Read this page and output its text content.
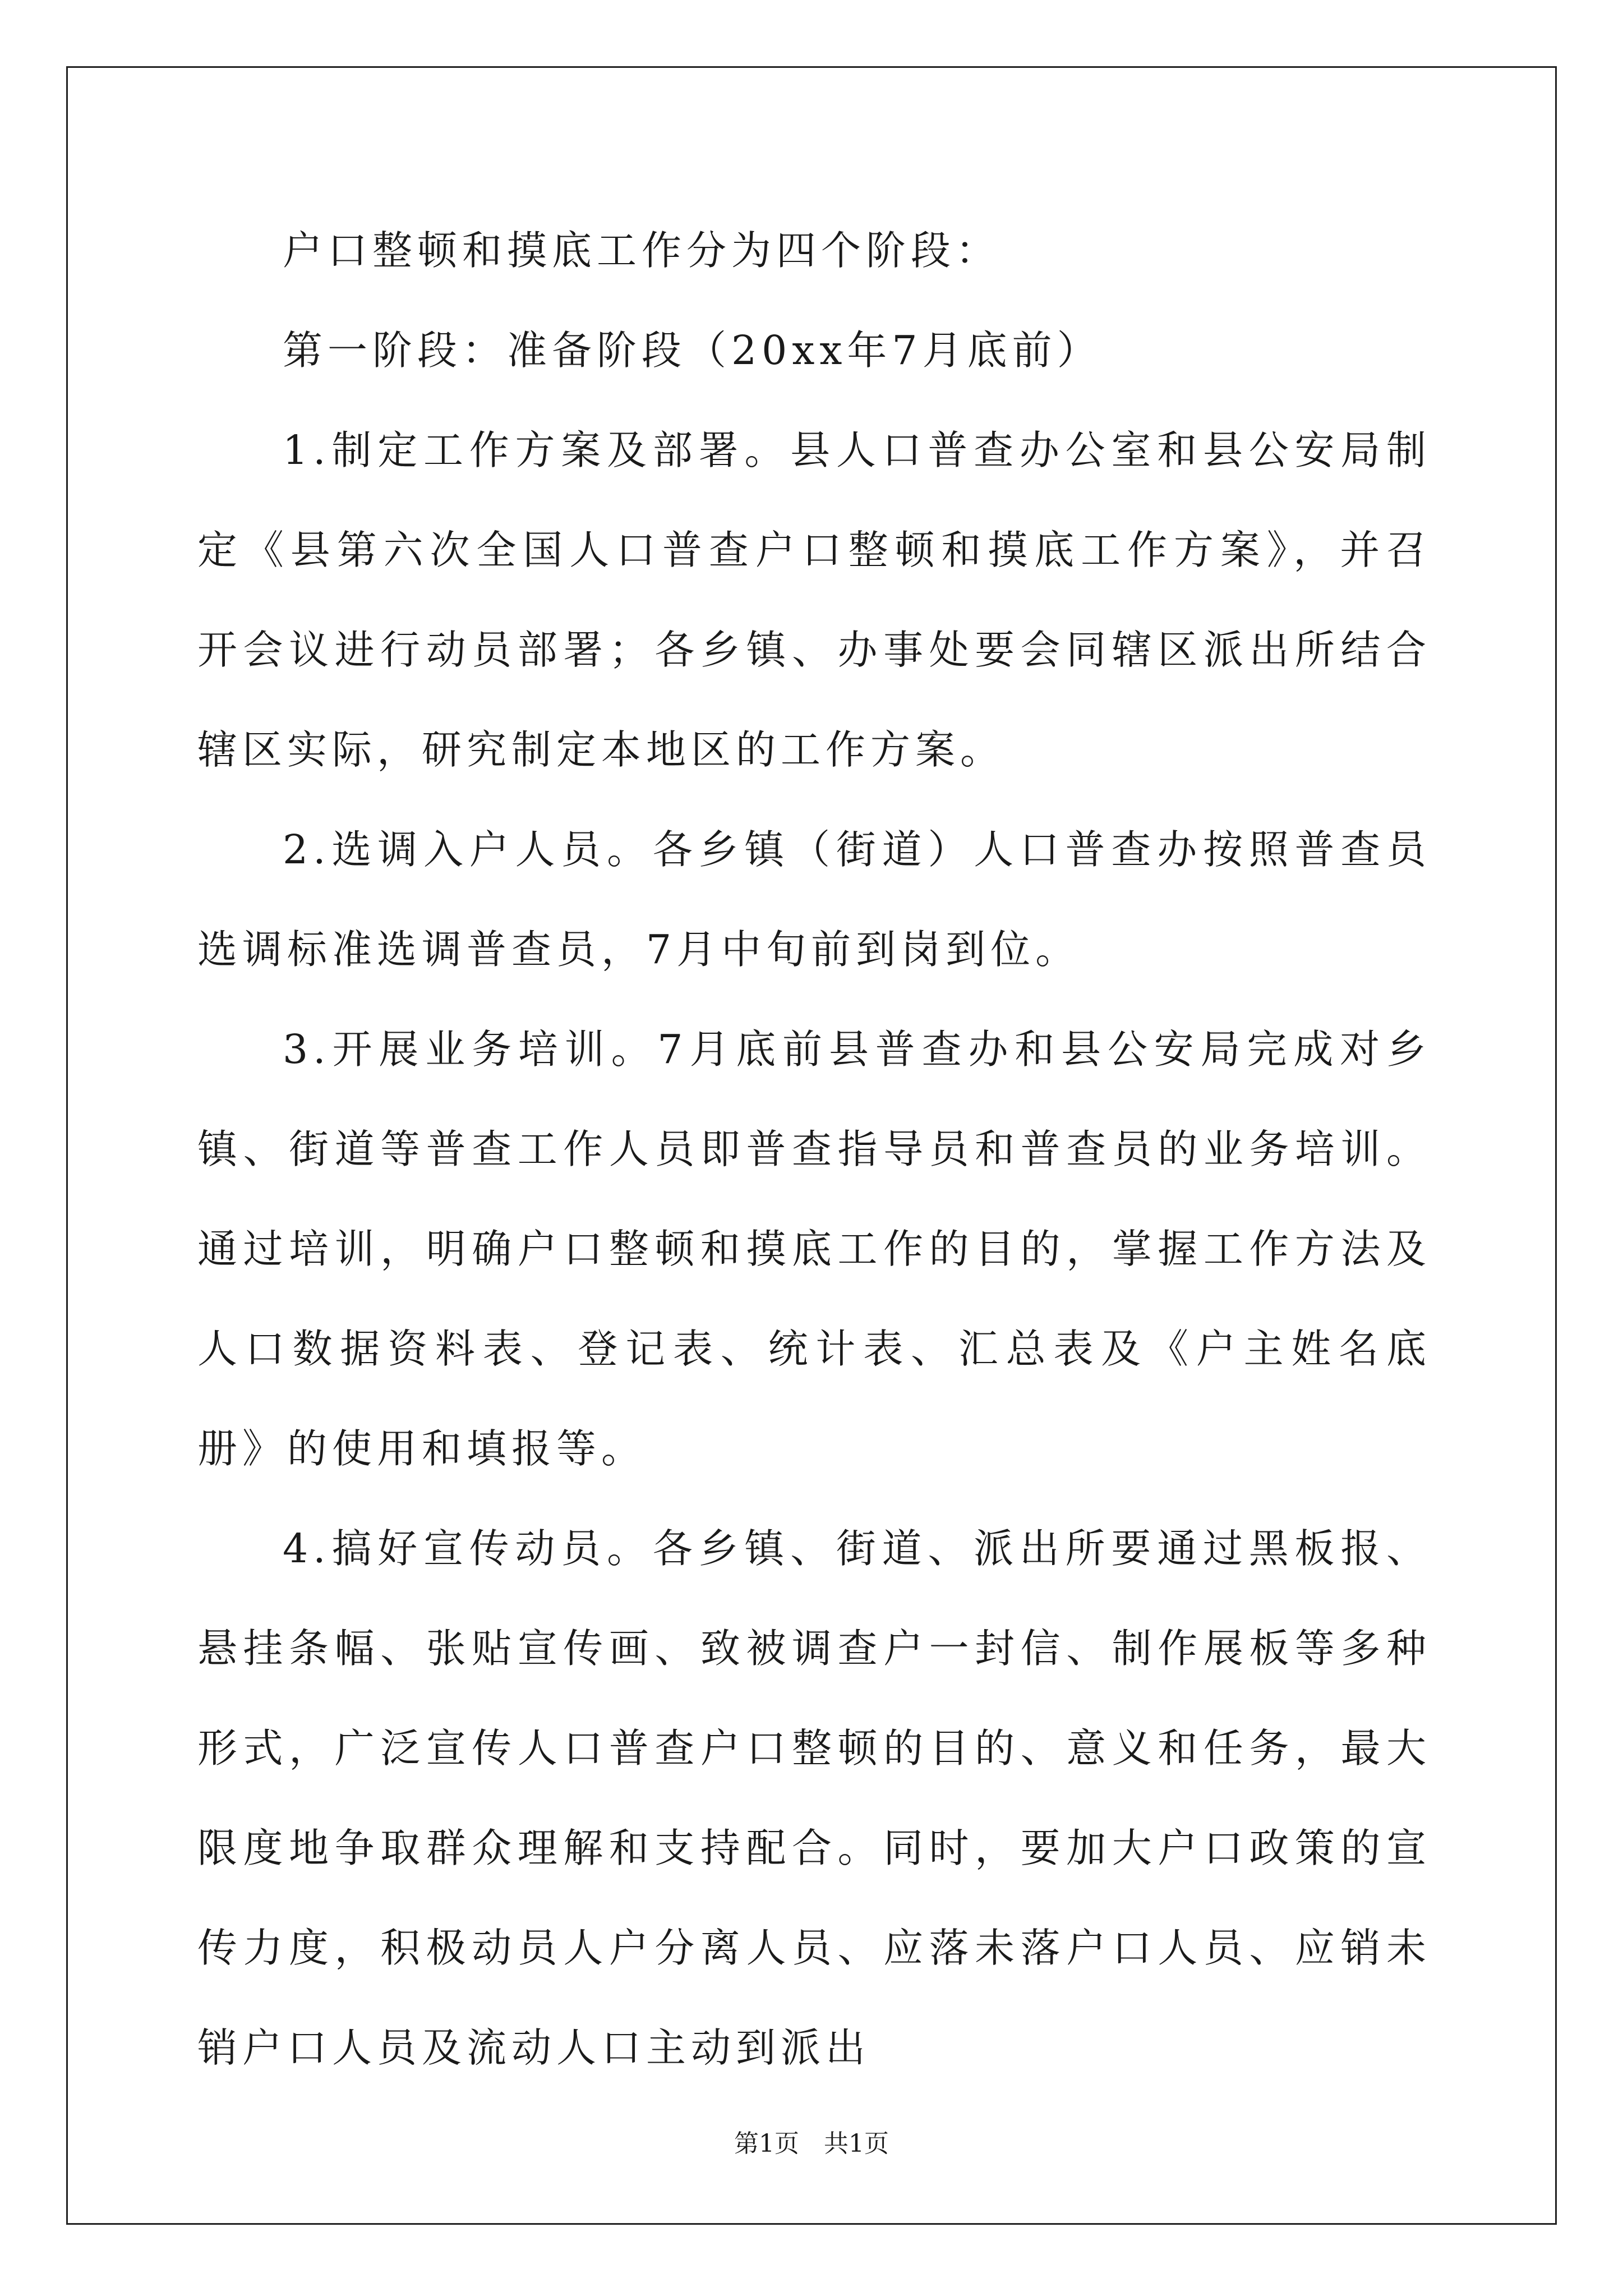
户口整顿和摸底工作分为四个阶段：

第一阶段：准备阶段（20xx年7月底前）

1.制定工作方案及部署。县人口普查办公室和县公安局制定《县第六次全国人口普查户口整顿和摸底工作方案》，并召开会议进行动员部署；各乡镇、办事处要会同辖区派出所结合辖区实际，研究制定本地区的工作方案。

2.选调入户人员。各乡镇（街道）人口普查办按照普查员选调标准选调普查员，7月中旬前到岗到位。

3.开展业务培训。7月底前县普查办和县公安局完成对乡镇、街道等普查工作人员即普查指导员和普查员的业务培训。通过培训，明确户口整顿和摸底工作的目的，掌握工作方法及人口数据资料表、登记表、统计表、汇总表及《户主姓名底册》的使用和填报等。

4.搞好宣传动员。各乡镇、街道、派出所要通过黑板报、悬挂条幅、张贴宣传画、致被调查户一封信、制作展板等多种形式，广泛宣传人口普查户口整顿的目的、意义和任务，最大限度地争取群众理解和支持配合。同时，要加大户口政策的宣传力度，积极动员人户分离人员、应落未落户口人员、应销未销户口人员及流动人口主动到派出

第1页 共1页
